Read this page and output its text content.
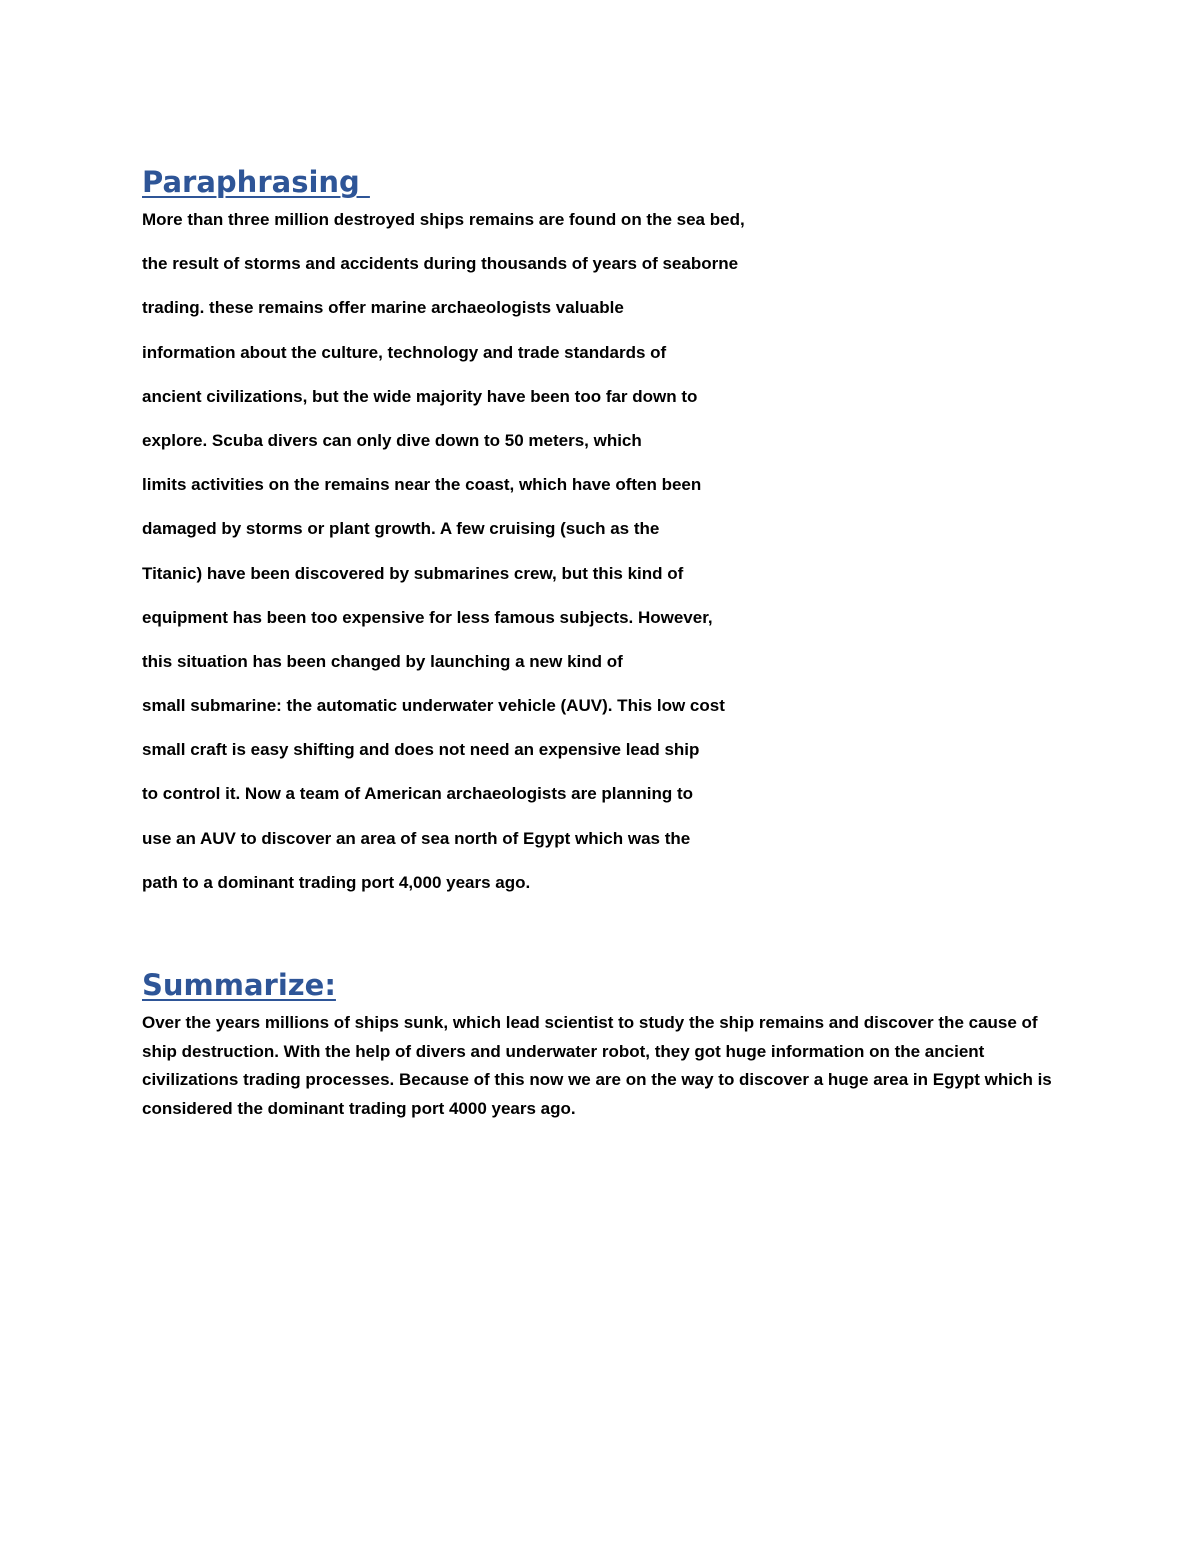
Paraphrasing
More than three million destroyed ships remains are found on the sea bed,
the result of storms and accidents during thousands of years of seaborne
trading. these remains offer marine archaeologists valuable
information about the culture, technology and trade standards of
ancient civilizations, but the wide majority have been too far down to
explore. Scuba divers can only dive down to 50 meters, which
limits activities on the remains near the coast, which have often been
damaged by storms or plant growth. A few cruising (such as the
Titanic) have been discovered by submarines crew, but this kind of
equipment has been too expensive for less famous subjects. However,
this situation has been changed by launching a new kind of
small submarine: the automatic underwater vehicle (AUV). This low cost
small craft is easy shifting and does not need an expensive lead ship
to control it. Now a team of American archaeologists are planning to
use an AUV to discover an area of sea north of Egypt which was the
path to a dominant trading port 4,000 years ago.
Summarize:

Over the years millions of ships sunk, which lead scientist to study the ship remains and discover the cause of ship destruction. With the help of divers and underwater robot, they got huge information on the ancient civilizations trading processes. Because of this now we are on the way to discover a huge area in Egypt which is considered the dominant trading port 4000 years ago.
